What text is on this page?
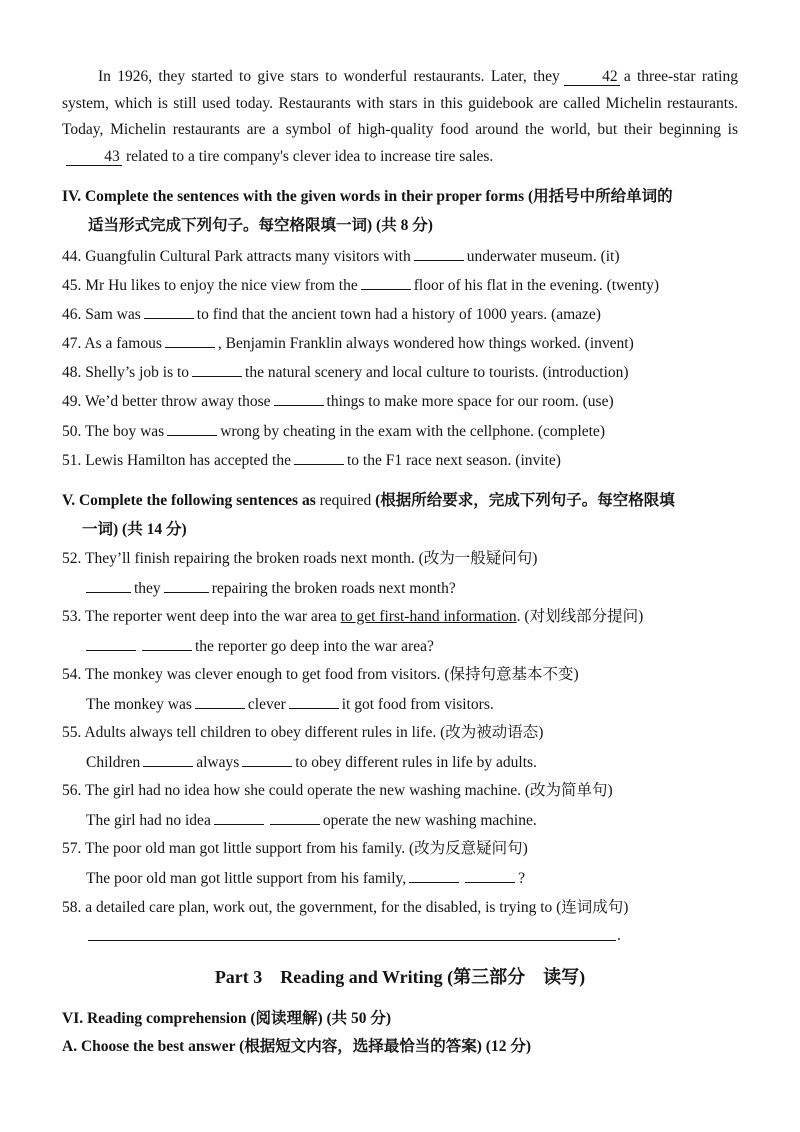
In 1926, they started to give stars to wonderful restaurants. Later, they	42 a three-star rating system, which is still used today. Restaurants with stars in this guidebook are called Michelin restaurants. Today, Michelin restaurants are a symbol of high-quality food around the world, but their beginning is43 related to a tire company's clever idea to increase tire sales.
IV. Complete the sentences with the given words in their proper forms (用括号中所给单词的
适当形式完成下列句子。每空格限填一词) (共 8 分)
44. Guangfulin Cultural Park attracts many visitors with	underwater museum. (it)
45. Mr Hu likes to enjoy the nice view from the	floor of his flat in the evening. (twenty)
46. Sam was	to find that the ancient town had a history of 1000 years. (amaze)
47. As a famous	, Benjamin Franklin always wondered how things worked. (invent)
48. Shelly’s job is to	the natural scenery and local culture to tourists. (introduction)
49. We’d better throw away those	things to make more space for our room. (use)
50. The boy was	wrong by cheating in the exam with the cellphone. (complete)
51. Lewis Hamilton has accepted the	to the F1 race next season. (invite)
V. Complete the following sentences as required (根据所给要求，完成下列句子。每空格限填
一词) (共 14 分)
52. They’ll finish repairing the broken roads next month. (改为一般疑问句)
they	repairing the broken roads next month?
53. The reporter went deep into the war area to get first-hand information. (对划线部分提问)
the reporter go deep into the war area?
54. The monkey was clever enough to get food from visitors. (保持句意基本不变)
The monkey was	clever	it got food from visitors.
55. Adults always tell children to obey different rules in life. (改为被动语态)
Children	always	to obey different rules in life by adults.
56. The girl had no idea how she could operate the new washing machine. (改为简单句)
The girl had no idea	operate the new washing machine.
57. The poor old man got little support from his family. (改为反意疑问句)
The poor old man got little support from his family,	?
58. a detailed care plan, work out, the government, for the disabled, is trying to (连词成句)
.
Part 3    Reading and Writing (第三部分    读写)
VI. Reading comprehension (阅读理解) (共 50 分)
A. Choose the best answer (根据短文内容，选择最恰当的答案) (12 分)
